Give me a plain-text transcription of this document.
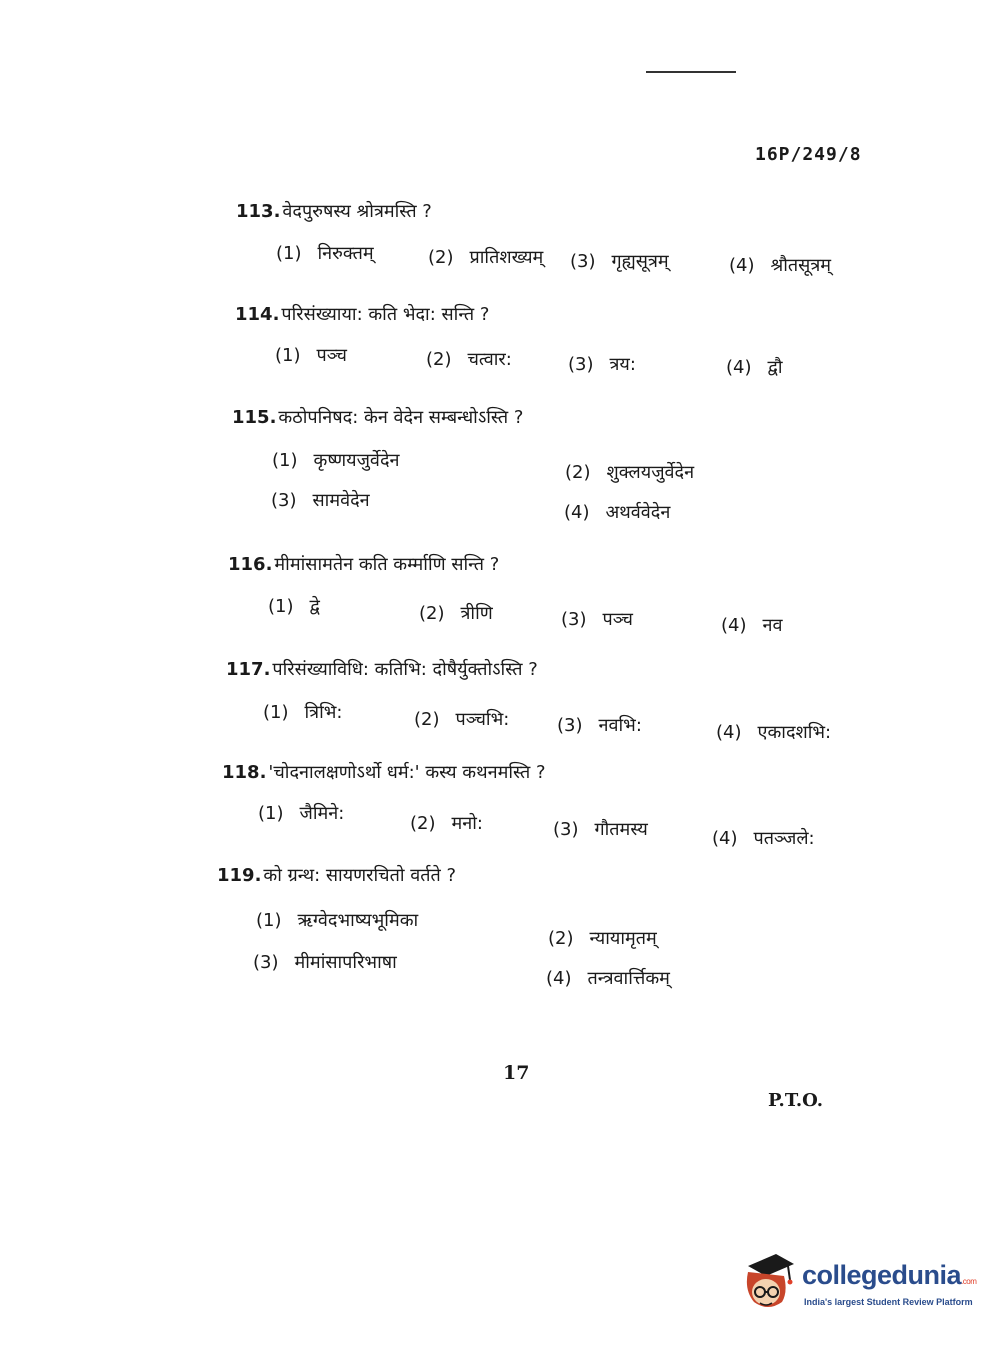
16P/249/8
113. वेदपुरुषस्य श्रोत्रमस्ति ?
(1) निरुक्तम्	(2) प्रातिशख्यम् (3) गृह्यसूत्रम्	(4) श्रौतसूत्रम्
114. परिसंख्याया: कति भेदा: सन्ति ?
(1) पञ्च	(2) चत्वार:	(3) त्रय:	(4) द्वौ
115. कठोपनिषद: केन वेदेन सम्बन्धोऽस्ति ?
(1) कृष्णयजुर्वेदेन
(2) शुक्लयजुर्वेदेन
(3) सामवेदेन
(4) अथर्ववेदेन
116. मीमांसामतेन कति कर्म्माणि सन्ति ?
(1) द्वे	(2) त्रीणि	(3) पञ्च	(4) नव
117. परिसंख्याविधि: कतिभि: दोषैर्युक्तोऽस्ति ?
(1) त्रिभि:	(2) पञ्चभि:	(3) नवभि:	(4) एकादशभि:
118. 'चोदनालक्षणोऽर्थो धर्म:' कस्य कथनमस्ति ?
(1) जैमिने:	(2) मनो:	(3) गौतमस्य	(4) पतञ्जले:
119. को ग्रन्थ: सायणरचितो वर्तते ?
(1) ऋग्वेदभाष्यभूमिका
(2) न्यायामृतम्
(3) मीमांसापरिभाषा
(4) तन्त्रवार्त्तिकम्
17
P.T.O.
collegedunia.com
India's largest Student Review Platform
